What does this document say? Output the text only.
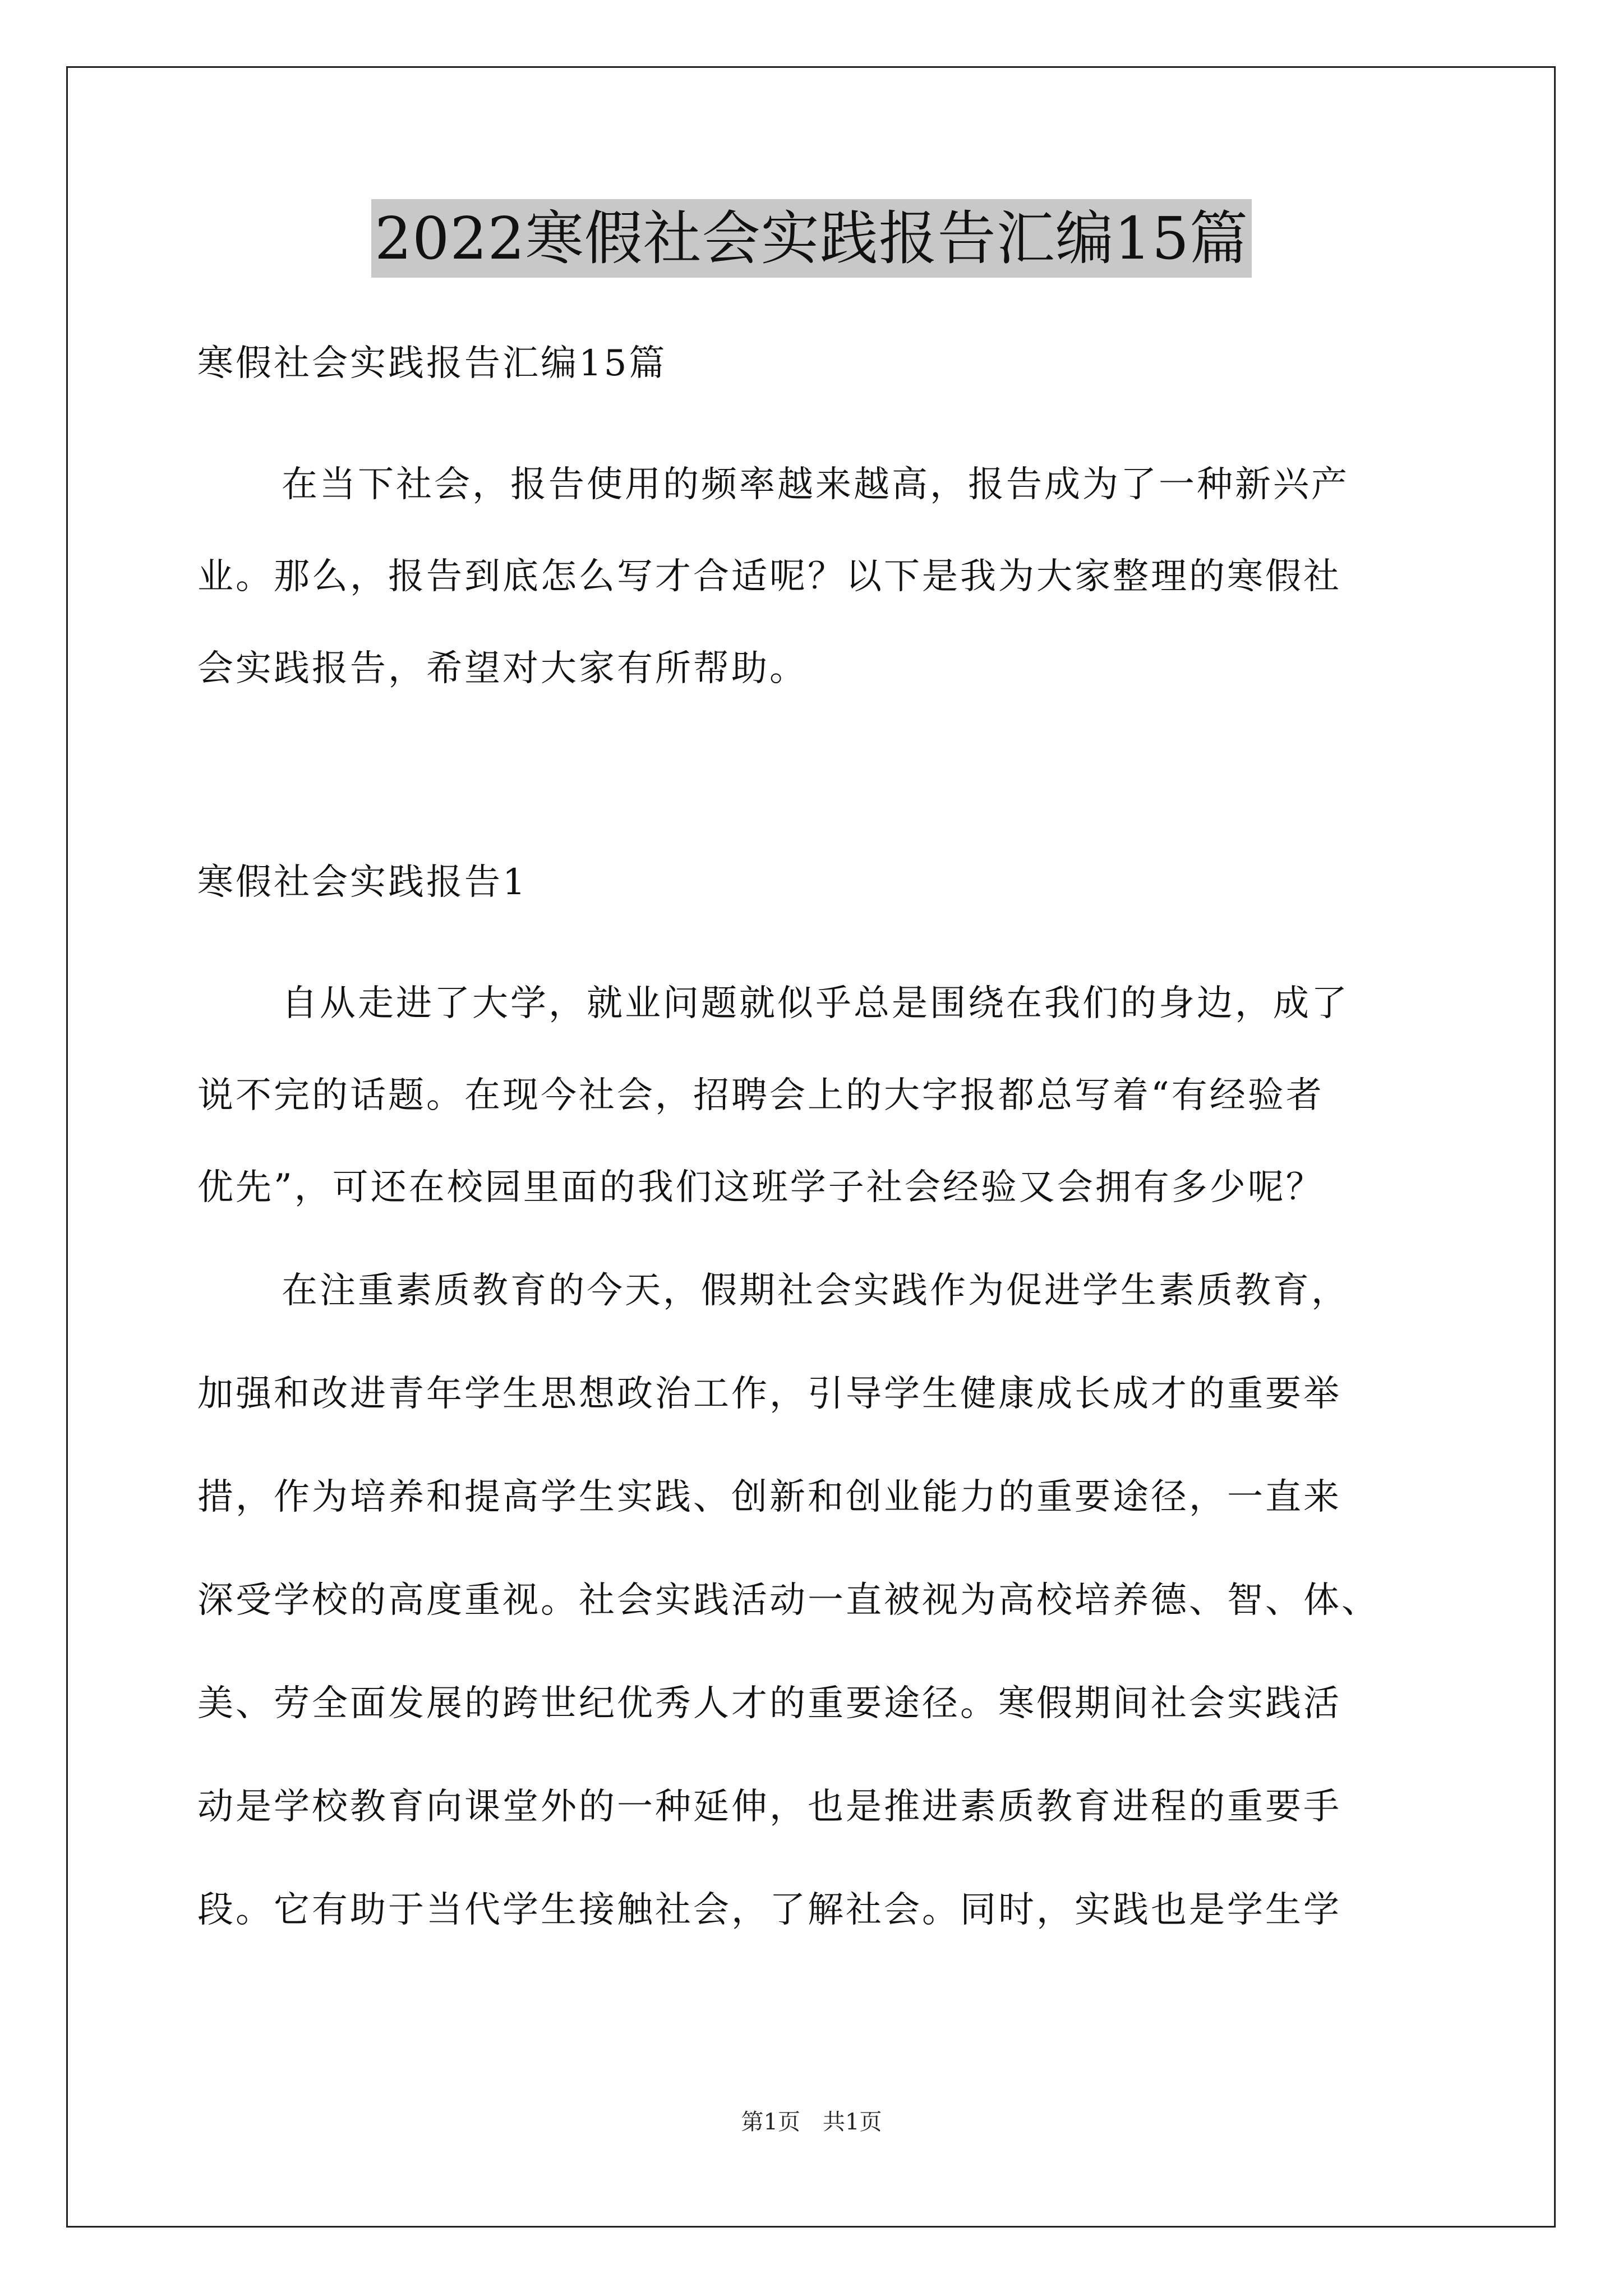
2022寒假社会实践报告汇编15篇
寒假社会实践报告汇编15篇
在当下社会，报告使用的频率越来越高，报告成为了一种新兴产
业。那么，报告到底怎么写才合适呢？以下是我为大家整理的寒假社
会实践报告，希望对大家有所帮助。
寒假社会实践报告1
自从走进了大学，就业问题就似乎总是围绕在我们的身边，成了
说不完的话题。在现今社会，招聘会上的大字报都总写着“有经验者
优先”，可还在校园里面的我们这班学子社会经验又会拥有多少呢？
在注重素质教育的今天，假期社会实践作为促进学生素质教育，
加强和改进青年学生思想政治工作，引导学生健康成长成才的重要举
措，作为培养和提高学生实践、创新和创业能力的重要途径，一直来
深受学校的高度重视。社会实践活动一直被视为高校培养德、智、体、
美、劳全面发展的跨世纪优秀人才的重要途径。寒假期间社会实践活
动是学校教育向课堂外的一种延伸，也是推进素质教育进程的重要手
段。它有助于当代学生接触社会，了解社会。同时，实践也是学生学
第1页　共1页
